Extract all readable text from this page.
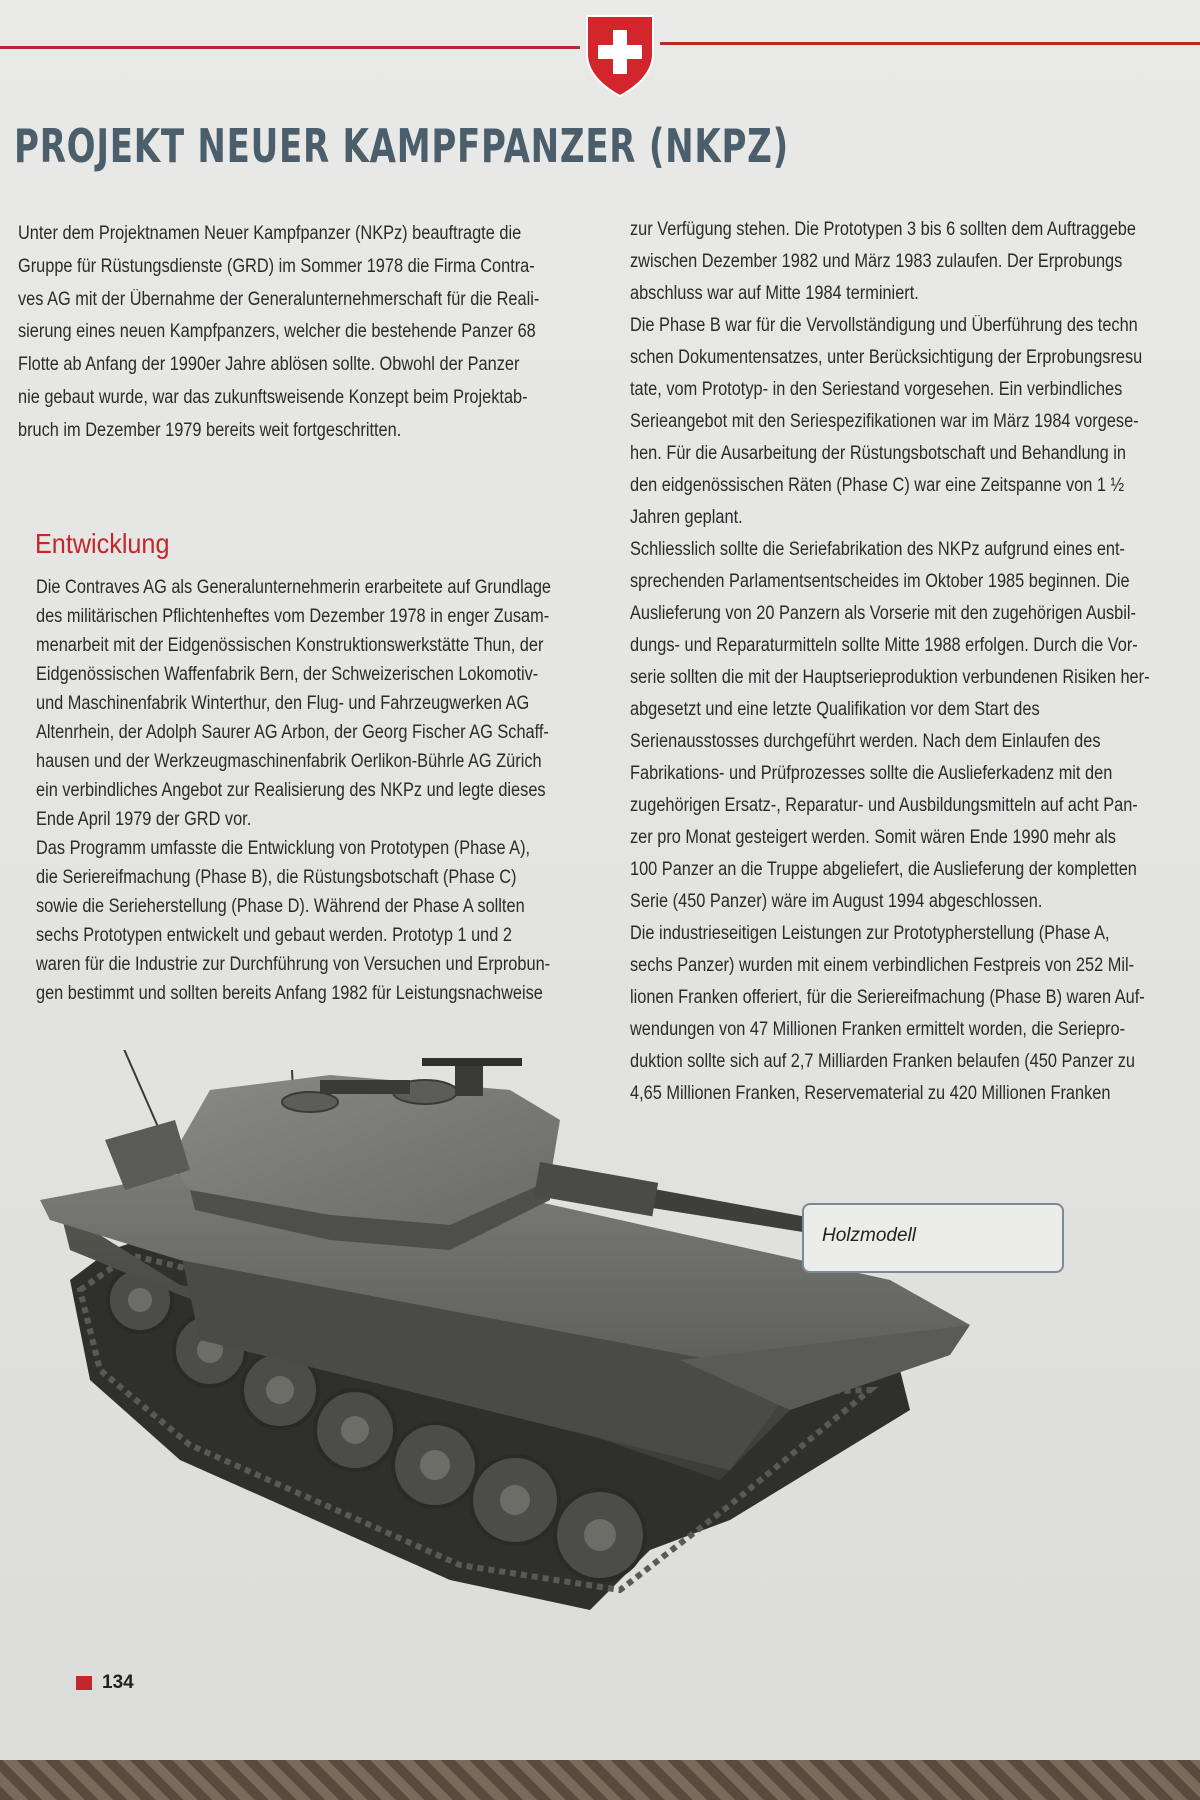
PROJEKT NEUER KAMPFPANZER (NKPZ)

Unter dem Projektnamen Neuer Kampfpanzer (NKPz) beauftragte die

Gruppe für Rüstungsdienste (GRD) im Sommer 1978 die Firma Contra-

ves AG mit der Übernahme der Generalunternehmerschaft für die Reali-

sierung eines neuen Kampfpanzers, welcher die bestehende Panzer 68

Flotte ab Anfang der 1990er Jahre ablösen sollte. Obwohl der Panzer

nie gebaut wurde, war das zukunftsweisende Konzept beim Projektab-

bruch im Dezember 1979 bereits weit fortgeschritten.

Entwicklung

Die Contraves AG als Generalunternehmerin erarbeitete auf Grundlage

des militärischen Pflichtenheftes vom Dezember 1978 in enger Zusam-

menarbeit mit der Eidgenössischen Konstruktionswerkstätte Thun, der

Eidgenössischen Waffenfabrik Bern, der Schweizerischen Lokomotiv-

und Maschinenfabrik Winterthur, den Flug- und Fahrzeugwerken AG

Altenrhein, der Adolph Saurer AG Arbon, der Georg Fischer AG Schaff-

hausen und der Werkzeugmaschinenfabrik Oerlikon-Bührle AG Zürich

ein verbindliches Angebot zur Realisierung des NKPz und legte dieses

Ende April 1979 der GRD vor.

Das Programm umfasste die Entwicklung von Prototypen (Phase A),

die Seriereifmachung (Phase B), die Rüstungsbotschaft (Phase C)

sowie die Serieherstellung (Phase D). Während der Phase A sollten

sechs Prototypen entwickelt und gebaut werden. Prototyp 1 und 2

waren für die Industrie zur Durchführung von Versuchen und Erprobun-

gen bestimmt und sollten bereits Anfang 1982 für Leistungsnachweise

zur Verfügung stehen. Die Prototypen 3 bis 6 sollten dem Auftraggebe

zwischen Dezember 1982 und März 1983 zulaufen. Der Erprobungs

abschluss war auf Mitte 1984 terminiert.

Die Phase B war für die Vervollständigung und Überführung des techn

schen Dokumentensatzes, unter Berücksichtigung der Erprobungsresu

tate, vom Prototyp- in den Seriestand vorgesehen. Ein verbindliches

Serieangebot mit den Seriespezifikationen war im März 1984 vorgese-

hen. Für die Ausarbeitung der Rüstungsbotschaft und Behandlung in

den eidgenössischen Räten (Phase C) war eine Zeitspanne von 1 ½

Jahren geplant.

Schliesslich sollte die Seriefabrikation des NKPz aufgrund eines ent-

sprechenden Parlamentsentscheides im Oktober 1985 beginnen. Die

Auslieferung von 20 Panzern als Vorserie mit den zugehörigen Ausbil-

dungs- und Reparaturmitteln sollte Mitte 1988 erfolgen. Durch die Vor-

serie sollten die mit der Hauptserieproduktion verbundenen Risiken her-

abgesetzt und eine letzte Qualifikation vor dem Start des

Serienausstosses durchgeführt werden. Nach dem Einlaufen des

Fabrikations- und Prüfprozesses sollte die Auslieferkadenz mit den

zugehörigen Ersatz-, Reparatur- und Ausbildungsmitteln auf acht Pan-

zer pro Monat gesteigert werden. Somit wären Ende 1990 mehr als

100 Panzer an die Truppe abgeliefert, die Auslieferung der kompletten

Serie (450 Panzer) wäre im August 1994 abgeschlossen.

Die industrieseitigen Leistungen zur Prototypherstellung (Phase A,

sechs Panzer) wurden mit einem verbindlichen Festpreis von 252 Mil-

lionen Franken offeriert, für die Seriereifmachung (Phase B) waren Auf-

wendungen von 47 Millionen Franken ermittelt worden, die Seriepro-

duktion sollte sich auf 2,7 Milliarden Franken belaufen (450 Panzer zu

4,65 Millionen Franken, Reservematerial zu 420 Millionen Franken

Holzmodell
134
